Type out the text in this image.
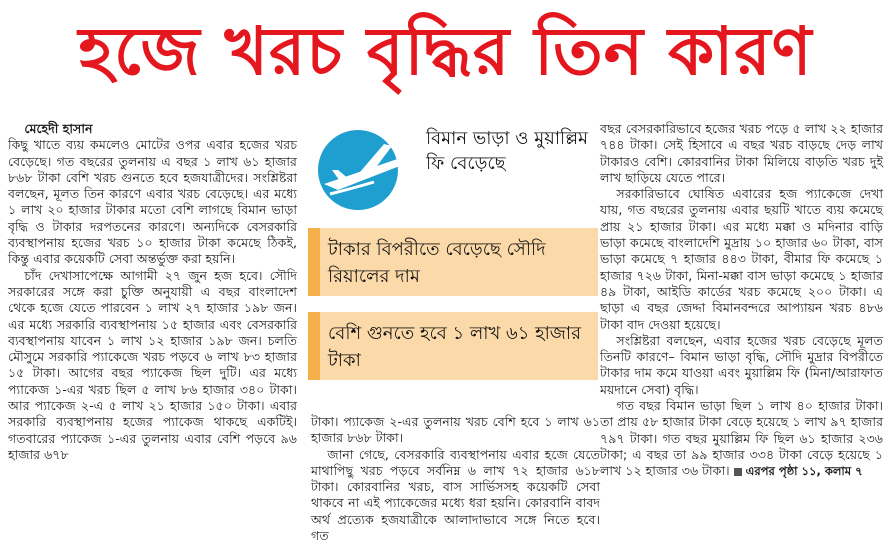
হজে খরচ বৃদ্ধির তিন কারণ

মেহেদী হাসান

কিছু খাতে ব্যয় কমলেও মোটের ওপর এবার হজের খরচ বেড়েছে। গত বছরের তুলনায় এ বছর ১ লাখ ৬১ হাজার ৮৬৮ টাকা বেশি খরচ গুনতে হবে হজযাত্রীদের। সংশ্লিষ্টরা বলছেন, মূলত তিন কারণে এবার খরচ বেড়েছে। এর মধ্যে ১ লাখ ২০ হাজার টাকার মতো বেশি লাগছে বিমান ভাড়া বৃদ্ধি ও টাকার দরপতনের কারণে। অন্যদিকে বেসরকারি ব্যবস্থাপনায় হজের খরচ ১০ হাজার টাকা কমেছে ঠিকই, কিন্তু এবার কয়েকটি সেবা অন্তর্ভুক্ত করা হয়নি।

চাঁদ দেখাসাপেক্ষে আগামী ২৭ জুন হজ হবে। সৌদি সরকারের সঙ্গে করা চুক্তি অনুযায়ী এ বছর বাংলাদেশ থেকে হজে যেতে পারবেন ১ লাখ ২৭ হাজার ১৯৮ জন। এর মধ্যে সরকারি ব্যবস্থাপনায় ১৫ হাজার এবং বেসরকারি ব্যবস্থাপনায় যাবেন ১ লাখ ১২ হাজার ১৯৮ জন। চলতি মৌসুমে সরকারি প্যাকেজে খরচ পড়বে ৬ লাখ ৮৩ হাজার ১৫ টাকা। আগের বছর প্যাকেজ ছিল দুটি। এর মধ্যে প্যাকেজ ১-এর খরচ ছিল ৫ লাখ ৮৬ হাজার ৩৪০ টাকা। আর প্যাকেজ ২-এ ৫ লাখ ২১ হাজার ১৫০ টাকা। এবার সরকারি ব্যবস্থাপনায় হজের প্যাকেজ থাকছে একটিই। গতবারের প্যাকেজ ১-এর তুলনায় এবার বেশি পড়বে ৯৬ হাজার ৬৭৮

বিমান ভাড়া ও মুয়াল্লিম ফি বেড়েছে
টাকার বিপরীতে বেড়েছে সৌদি রিয়ালের দাম
বেশি গুনতে হবে ১ লাখ ৬১ হাজার টাকা

টাকা। প্যাকেজ ২-এর তুলনায় খরচ বেশি হবে ১ লাখ ৬১ হাজার ৮৬৮ টাকা।

জানা গেছে, বেসরকারি ব্যবস্থাপনায় এবার হজে যেতে মাথাপিছু খরচ পড়বে সর্বনিম্ন ৬ লাখ ৭২ হাজার ৬১৮ টাকা। কোরবানির খরচ, বাস সার্ভিসসহ কয়েকটি সেবা থাকবে না এই প্যাকেজের মধ্যে ধরা হয়নি। কোরবানি বাবদ অর্থ প্রত্যেক হজযাত্রীকে আলাদাভাবে সঙ্গে নিতে হবে। গত

বছর বেসরকারিভাবে হজের খরচ পড়ে ৫ লাখ ২২ হাজার ৭৪৪ টাকা। সেই হিসাবে এ বছর খরচ বাড়ছে দেড় লাখ টাকারও বেশি। কোরবানির টাকা মিলিয়ে বাড়তি খরচ দুই লাখ ছাড়িয়ে যেতে পারে।

সরকারিভাবে ঘোষিত এবারের হজ প্যাকেজে দেখা যায়, গত বছরের তুলনায় এবার ছয়টি খাতে ব্যয় কমেছে প্রায় ২১ হাজার টাকা। এর মধ্যে মক্কা ও মদিনার বাড়ি ভাড়া কমেছে বাংলাদেশি মুদ্রায় ১০ হাজার ৬০ টাকা, বাস ভাড়া কমেছে ৭ হাজার ৪৪৩ টাকা, বীমার ফি কমেছে ১ হাজার ৭২৬ টাকা, মিনা-মক্কা বাস ভাড়া কমেছে ১ হাজার ৪৯ টাকা, আইডি কার্ডের খরচ কমেছে ২০০ টাকা। এ ছাড়া এ বছর জেদ্দা বিমানবন্দরে আপ্যায়ন খরচ ৪৮৬ টাকা বাদ দেওয়া হয়েছে।

সংশ্লিষ্টরা বলছেন, এবার হজের খরচ বেড়েছে মূলত তিনটি কারণে– বিমান ভাড়া বৃদ্ধি, সৌদি মুদ্রার বিপরীতে টাকার দাম কমে যাওয়া এবং মুয়াল্লিম ফি (মিনা/আরাফাত ময়দানে সেবা) বৃদ্ধি।

গত বছর বিমান ভাড়া ছিল ১ লাখ ৪০ হাজার টাকা। তা প্রায় ৫৮ হাজার টাকা বেড়ে হয়েছে ১ লাখ ৯৭ হাজার ৭৯৭ টাকা। গত বছর মুয়াল্লিম ফি ছিল ৬১ হাজার ২৩৬ টাকা; এ বছর তা ৯৯ হাজার ৩৩৪ টাকা বেড়ে হয়েছে ১ লাখ ১২ হাজার ৩৬ টাকা। এরপর পৃষ্ঠা ১১, কলাম ৭
